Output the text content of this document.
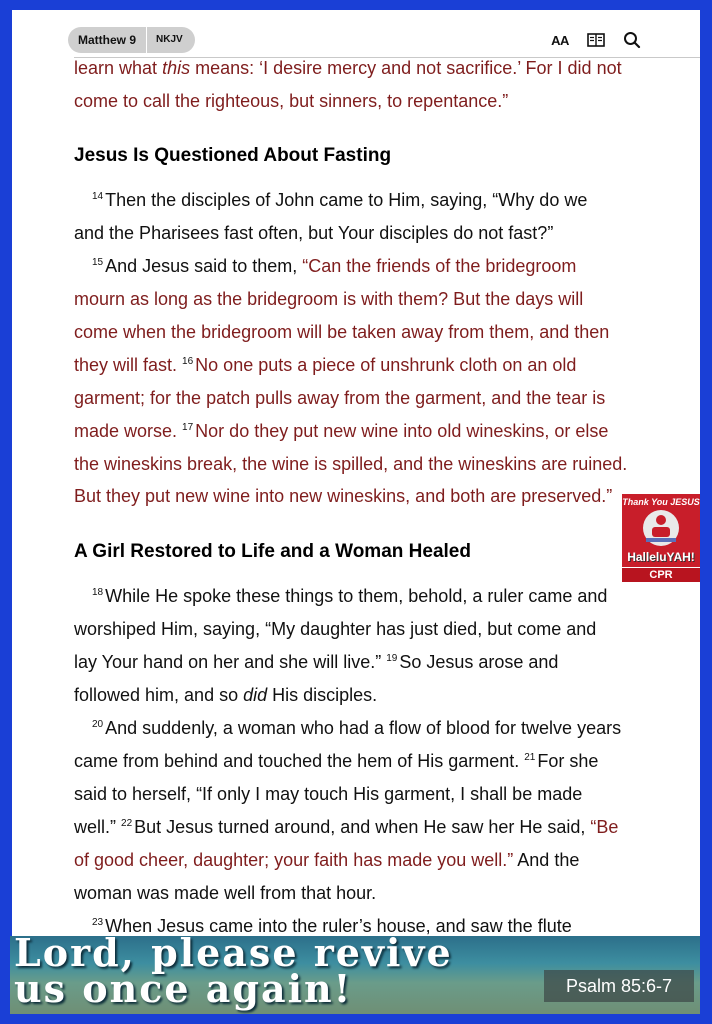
Matthew 9	NKJV	AA
learn what this means: ‘I desire mercy and not sacrifice.’ For I did not
come to call the righteous, but sinners, to repentance.”
Jesus Is Questioned About Fasting
$^{14}$ Then the disciples of John came to Him, saying, “Why do we
and the Pharisees fast often, but Your disciples do not fast?”
$^{15}$ And Jesus said to them, “Can the friends of the bridegroom
mourn as long as the bridegroom is with them? But the days will
come when the bridegroom will be taken away from them, and then
they will fast. $^{16}$ No one puts a piece of unshrunk cloth on an old
garment; for the patch pulls away from the garment, and the tear is
made worse. $^{17}$ Nor do they put new wine into old wineskins, or else
the wineskins break, the wine is spilled, and the wineskins are ruined.
But they put new wine into new wineskins, and both are preserved.”
A Girl Restored to Life and a Woman Healed
$^{18}$ While He spoke these things to them, behold, a ruler came and
worshiped Him, saying, “My daughter has just died, but come and
lay Your hand on her and she will live.” $^{19}$ So Jesus arose and
followed him, and so did His disciples.
$^{20}$ And suddenly, a woman who had a flow of blood for twelve years
came from behind and touched the hem of His garment. $^{21}$ For she
said to herself, “If only I may touch His garment, I shall be made
well.” $^{22}$ But Jesus turned around, and when He saw her He said, “Be
of good cheer, daughter; your faith has made you well.” And the
woman was made well from that hour.
$^{23}$ When Jesus came into the ruler’s house, and saw the flute
Thank You JESUS
HalleluYAH!
CPR
Lord, please revive
us once again!	Psalm 85:6-7
